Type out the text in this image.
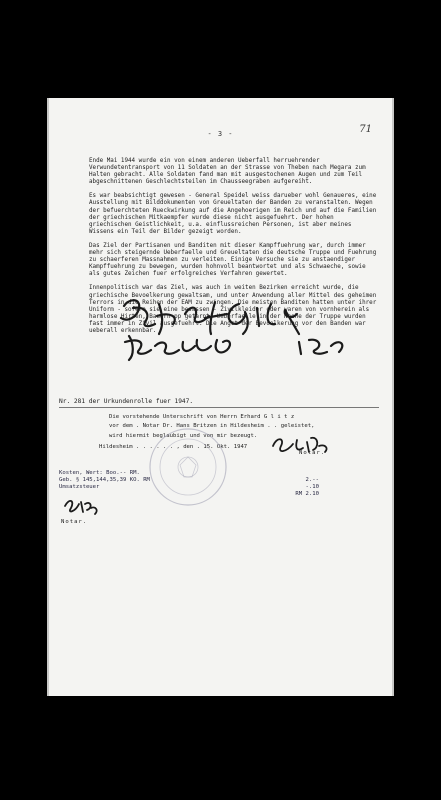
- 3 -	71

Ende Mai 1944 wurde ein von einem anderen Ueberfall herruehrender Verwundetentransport von 11 Soldaten an der Strasse von Theben nach Megara zum Halten gebracht. Alle Soldaten fand man mit ausgestochenen Augen und zum Teil abgeschnittenen Geschlechtsteilen im Chausseegraben aufgereiht.

Es war beabsichtigt gewesen - General Speidel weiss darueber wohl Genaueres, eine Ausstellung mit Bilddokumenten von Greueltaten der Banden zu veranstalten. Wegen der befuerchteten Rueckwirkung auf die Angehoerigen im Reich und auf die Familien der griechischen Mitkaempfer wurde diese nicht ausgefuehrt. Der hohen griechischen Geistlichkeit, u.a. einflussreichen Personen, ist aber meines Wissens ein Teil der Bilder gezeigt worden.

Das Ziel der Partisanen und Banditen mit dieser Kampffuehrung war, durch immer mehr sich steigernde Ueberfaelle und Greueltaten die deutsche Truppe und Fuehrung zu schaerferen Massnahmen zu verleiten. Einige Versuche sie zu anstaendiger Kampffuehrung zu bewegen, wurden hohnvoll beantwortet und als Schwaeche, sowie als gutes Zeichen fuer erfolgreiches Verfahren gewertet.

Innenpolitisch war das Ziel, was auch in weiten Bezirken erreicht wurde, die griechische Bevoelkerung gewaltsam, und unter Anwendung aller Mittel des geheimen Terrors in die Reihen der EAM zu zwingen. Die meisten Banditen hatten unter ihrer Uniform - sofern sie eine besassen - Zivilkleider oder waren von vornherein als harmlose Hirten, Bauern pp getarnt. Ueberfaelle in der Naehe der Truppe wurden fast immer in Zivil ausgefuehrt. Die Angst der Bevoelkerung vor den Banden war ueberall erkennbar.

Nr. 281 der Urkundenrolle fuer 1947.
Die vorstehende Unterschrift von Herrn Erhard G l i t z
vor dem . Notar Dr. Hans Britzen in Hildesheim . . geleistet,
wird hiermit beglaubigt und von mir bezeugt.
Hildesheim . . . . . . , den . 15. Okt. 1947
Notar.
Kosten, Wert: Boo.-- RM.
Geb. § 145,144,35,39 KO. RM	2.--
Umsatzsteuer	-.10
RM 2.10
Notar.
